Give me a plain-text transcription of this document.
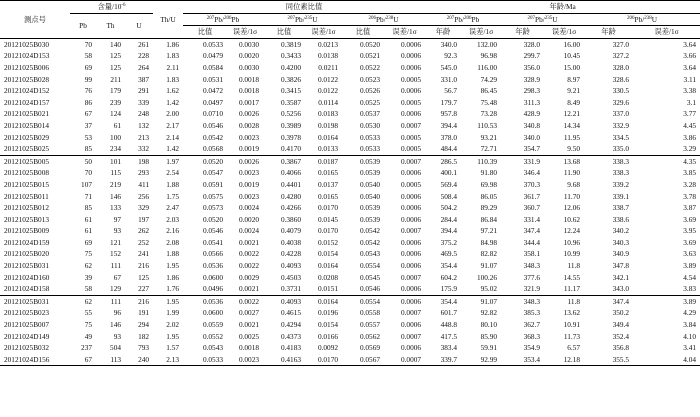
测点号	含量$/10^{-6}$			Th/U	同位素比值						年龄/Ma					
	Pb	Th	U		$^{207}$Pb/$^{206}$Pb		$^{207}$Pb/$^{235}$U		$^{206}$Pb/$^{238}$U		$^{207}$Pb/$^{206}$Pb		$^{207}$Pb/$^{235}$U		$^{206}$Pb/$^{238}$U	
					比值	误差/1σ	比值	误差/1σ	比值	误差/1σ	年龄	误差/1σ	年龄	误差/1σ	年龄	误差/1σ
20121025B030	70	140	261	1.86	0.0533	0.0030	0.3819	0.0213	0.0520	0.0006	340.0	132.00	328.0	16.00	327.0	3.64
20121024D153	58	125	228	1.83	0.0479	0.0020	0.3433	0.0138	0.0521	0.0006	92.3	96.98	299.7	10.45	327.2	3.66
20121025B006	69	125	264	2.11	0.0584	0.0030	0.4200	0.0211	0.0522	0.0006	545.0	116.00	356.0	15.00	328.0	3.64
20121025B028	99	211	387	1.83	0.0531	0.0018	0.3826	0.0122	0.0523	0.0005	331.0	74.29	328.9	8.97	328.6	3.11
20121024D152	76	179	291	1.62	0.0472	0.0018	0.3415	0.0122	0.0526	0.0006	56.7	86.45	298.3	9.21	330.5	3.38
20121024D157	86	239	339	1.42	0.0497	0.0017	0.3587	0.0114	0.0525	0.0005	179.7	75.48	311.3	8.49	329.6	3.1
20121025B021	67	124	248	2.00	0.0710	0.0026	0.5256	0.0183	0.0537	0.0006	957.8	73.28	428.9	12.21	337.0	3.77
20121025B014	37	61	132	2.17	0.0546	0.0028	0.3989	0.0198	0.0530	0.0007	394.4	110.53	340.8	14.34	332.9	4.45
20121025B029	53	100	213	2.14	0.0542	0.0023	0.3978	0.0164	0.0533	0.0005	378.0	93.21	340.0	11.95	334.5	3.86
20121025B025	85	234	332	1.42	0.0568	0.0019	0.4170	0.0133	0.0533	0.0005	484.4	72.71	354.7	9.50	335.0	3.29
20121025B005	50	101	198	1.97	0.0520	0.0026	0.3867	0.0187	0.0539	0.0007	286.5	110.39	331.9	13.68	338.3	4.35
20121025B008	70	115	293	2.54	0.0547	0.0023	0.4066	0.0165	0.0539	0.0006	400.1	91.80	346.4	11.90	338.3	3.85
20121025B015	107	219	411	1.88	0.0591	0.0019	0.4401	0.0137	0.0540	0.0005	569.4	69.98	370.3	9.68	339.2	3.28
20121025B011	71	146	256	1.75	0.0575	0.0023	0.4280	0.0165	0.0540	0.0006	508.4	86.05	361.7	11.70	339.1	3.78
20121025B012	85	133	329	2.47	0.0573	0.0024	0.4266	0.0170	0.0539	0.0006	504.2	89.29	360.7	12.06	338.7	3.87
20121025B013	61	97	197	2.03	0.0520	0.0020	0.3860	0.0145	0.0539	0.0006	284.4	86.84	331.4	10.62	338.6	3.69
20121025B009	61	93	262	2.16	0.0546	0.0024	0.4079	0.0170	0.0542	0.0007	394.4	97.21	347.4	12.24	340.2	3.95
20121024D159	69	121	252	2.08	0.0541	0.0021	0.4038	0.0152	0.0542	0.0006	375.2	84.98	344.4	10.96	340.3	3.69
20121025B020	75	152	241	1.88	0.0566	0.0022	0.4228	0.0154	0.0543	0.0006	469.5	82.82	358.1	10.99	340.9	3.63
20121025B031	62	111	216	1.95	0.0536	0.0022	0.4093	0.0164	0.0554	0.0006	354.4	91.07	348.3	11.8	347.8	3.89
20121024D160	39	67	125	1.86	0.0600	0.0029	0.4503	0.0208	0.0545	0.0007	604.2	100.26	377.6	14.55	342.1	4.54
20121024D158	58	129	227	1.76	0.0496	0.0021	0.3731	0.0151	0.0546	0.0006	175.9	95.02	321.9	11.17	343.0	3.83
20121025B031	62	111	216	1.95	0.0536	0.0022	0.4093	0.0164	0.0554	0.0006	354.4	91.07	348.3	11.8	347.4	3.89
20121025B023	55	96	191	1.99	0.0600	0.0027	0.4615	0.0196	0.0558	0.0007	601.7	92.82	385.3	13.62	350.2	4.29
20121025B007	75	146	294	2.02	0.0559	0.0021	0.4294	0.0154	0.0557	0.0006	448.8	80.10	362.7	10.91	349.4	3.84
20121024D149	49	93	182	1.95	0.0552	0.0025	0.4373	0.0166	0.0562	0.0007	417.5	85.90	368.3	11.73	352.4	4.10
20121025B032	237	504	793	1.57	0.0543	0.0018	0.4183	0.0092	0.0569	0.0006	383.4	59.91	354.9	6.57	356.8	3.41
20121024D156	67	113	240	2.13	0.0533	0.0023	0.4163	0.0170	0.0567	0.0007	339.7	92.99	353.4	12.18	355.5	4.04
